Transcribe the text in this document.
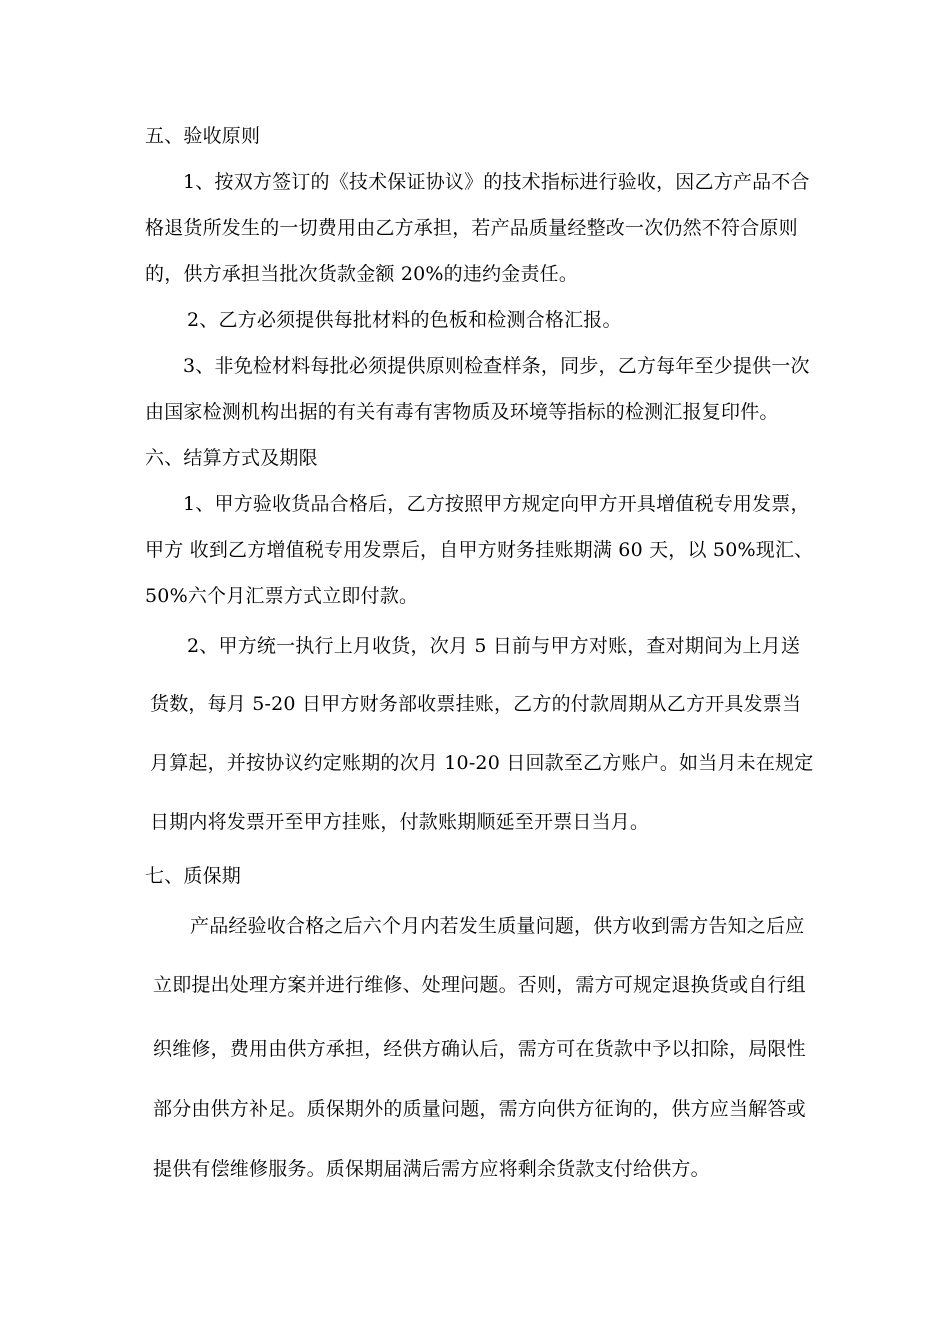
五、验收原则
1、按双方签订的《技术保证协议》的技术指标进行验收，因乙方产品不合
格退货所发生的一切费用由乙方承担，若产品质量经整改一次仍然不符合原则
的，供方承担当批次货款金额 20%的违约金责任。
2、乙方必须提供每批材料的色板和检测合格汇报。
3、非免检材料每批必须提供原则检查样条，同步，乙方每年至少提供一次
由国家检测机构出据的有关有毒有害物质及环境等指标的检测汇报复印件。
六、结算方式及期限
1、甲方验收货品合格后，乙方按照甲方规定向甲方开具增值税专用发票，
甲方 收到乙方增值税专用发票后，自甲方财务挂账期满 60 天，以 50%现汇、
50%六个月汇票方式立即付款。
2、甲方统一执行上月收货，次月 5 日前与甲方对账，查对期间为上月送
货数，每月 5-20 日甲方财务部收票挂账，乙方的付款周期从乙方开具发票当
月算起，并按协议约定账期的次月 10-20 日回款至乙方账户。如当月未在规定
日期内将发票开至甲方挂账，付款账期顺延至开票日当月。
七、质保期
产品经验收合格之后六个月内若发生质量问题，供方收到需方告知之后应
立即提出处理方案并进行维修、处理问题。否则，需方可规定退换货或自行组
织维修，费用由供方承担，经供方确认后，需方可在货款中予以扣除，局限性
部分由供方补足。质保期外的质量问题，需方向供方征询的，供方应当解答或
提供有偿维修服务。质保期届满后需方应将剩余货款支付给供方。
